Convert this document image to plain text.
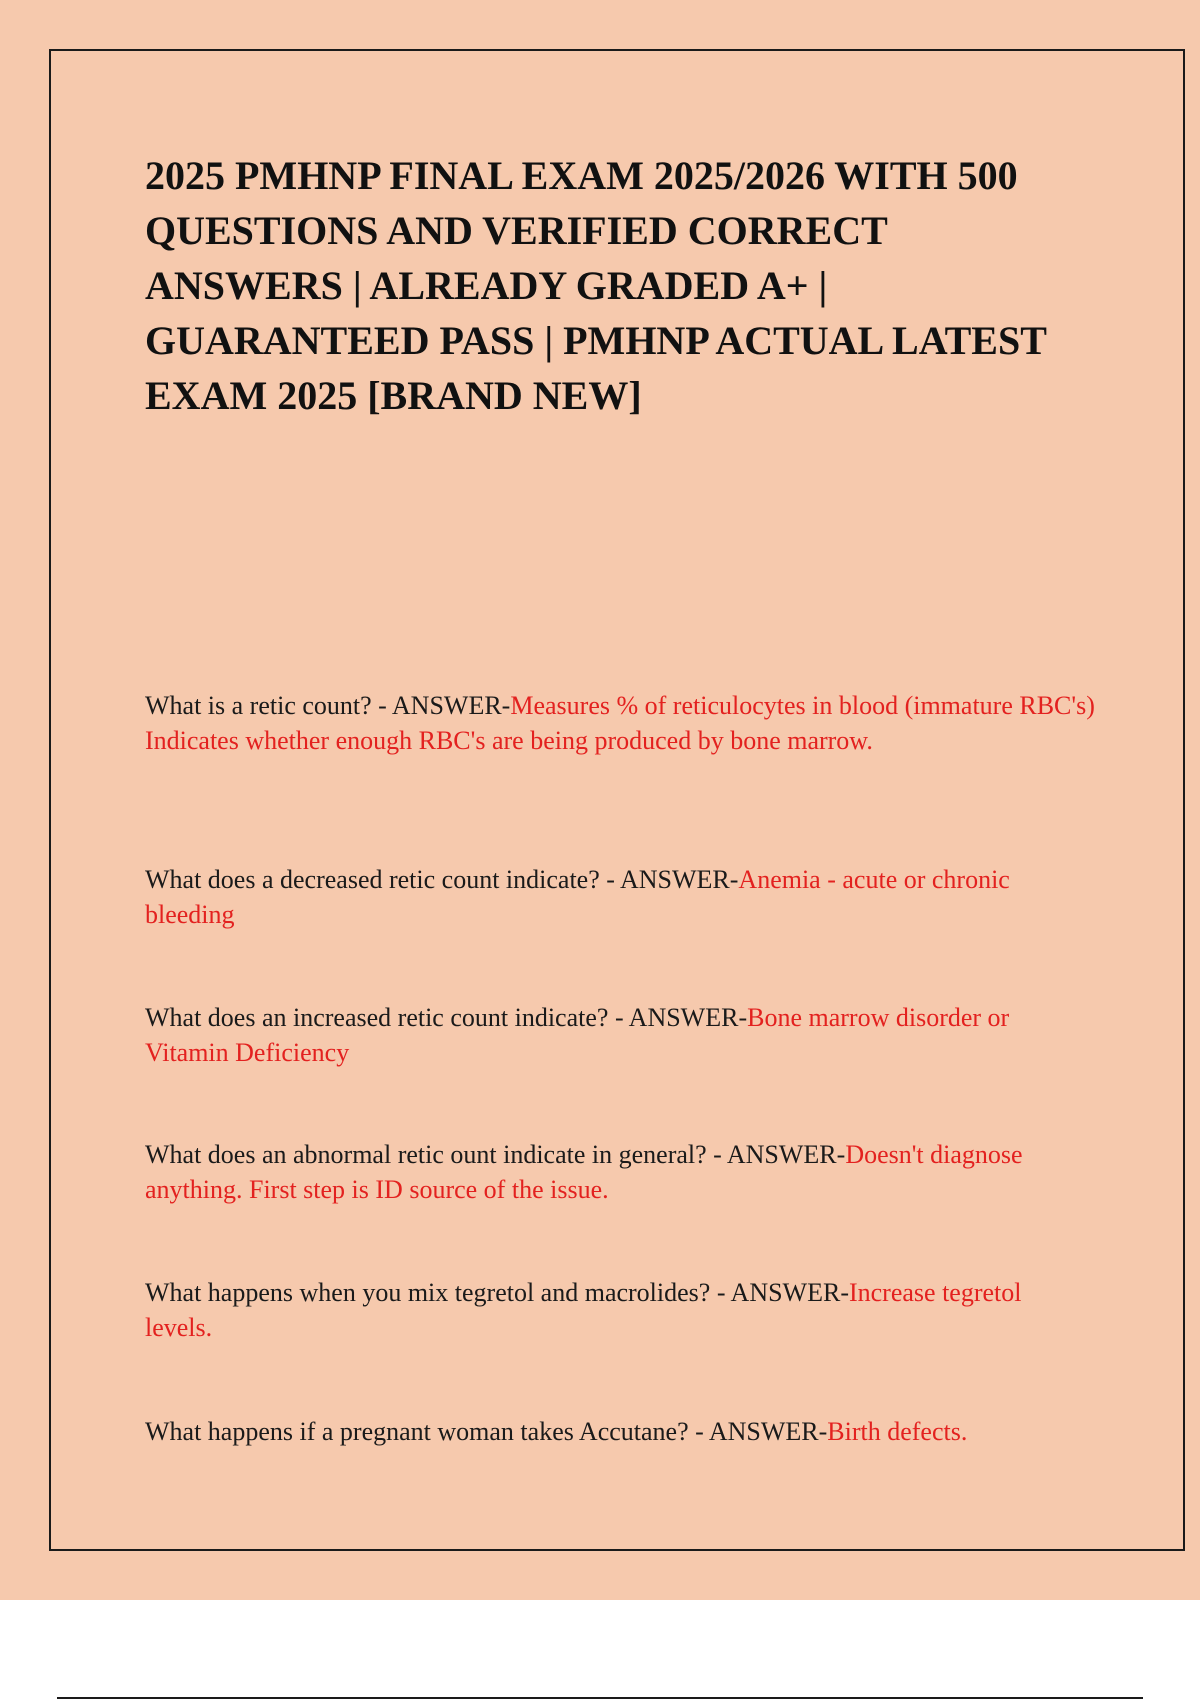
2025 PMHNP FINAL EXAM 2025/2026 WITH 500 QUESTIONS AND VERIFIED CORRECT ANSWERS | ALREADY GRADED A+ | GUARANTEED PASS | PMHNP ACTUAL LATEST EXAM 2025 [BRAND NEW]

What is a retic count? - ANSWER-Measures % of reticulocytes in blood (immature RBC's) Indicates whether enough RBC's are being produced by bone marrow.

What does a decreased retic count indicate? - ANSWER-Anemia - acute or chronic bleeding

What does an increased retic count indicate? - ANSWER-Bone marrow disorder or Vitamin Deficiency

What does an abnormal retic ount indicate in general? - ANSWER-Doesn't diagnose anything. First step is ID source of the issue.

What happens when you mix tegretol and macrolides? - ANSWER-Increase tegretol levels.

What happens if a pregnant woman takes Accutane? - ANSWER-Birth defects.
